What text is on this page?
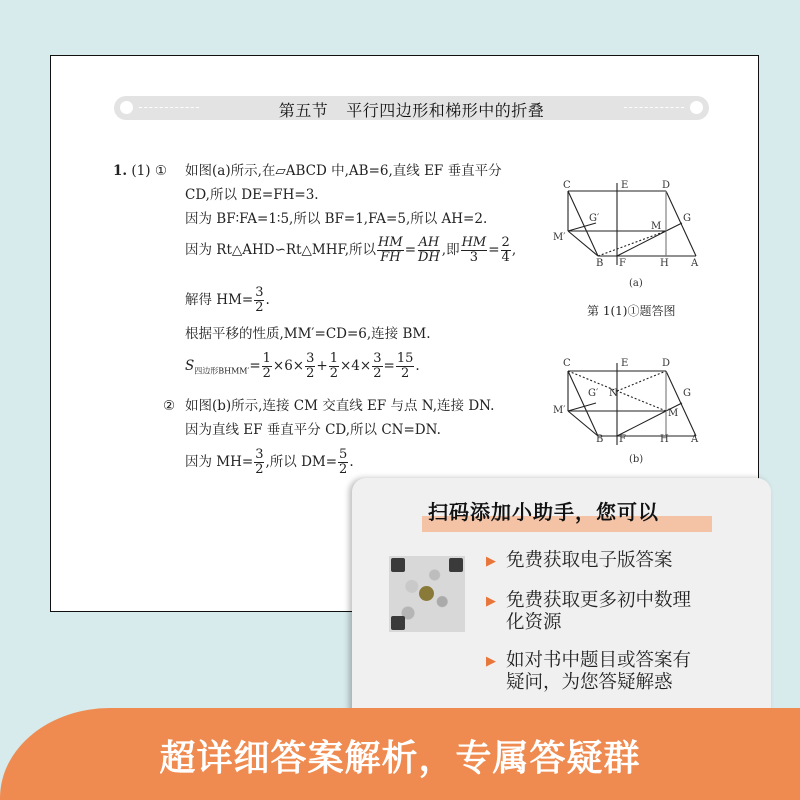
第五节 平行四边形和梯形中的折叠
1. (1) ① 如图(a)所示,在▱ABCD 中,AB=6,直线 EF 垂直平分
CD,所以 DE=FH=3.
因为 BF∶FA=1∶5,所以 BF=1,FA=5,所以 AH=2.
因为 Rt△AHD∽Rt△MHF,所以 $\frac{HM}{FH} = \frac{AH}{DH}$ ,即 $\frac{HM}{3} = \frac{2}{4}$ ,
解得 $HM= \frac{3}{2}$ .
根据平移的性质,MM′=CD=6,连接 BM.
$S_{四边形BHMM'}= \frac{1}{2} \times 6\times \frac{3}{2} + \frac{1}{2} \times 4\times \frac{3}{2} = \frac{15}{2}$ .
② 如图(b)所示,连接 CM 交直线 EF 与点 N,连接 DN.
因为直线 EF 垂直平分 CD,所以 CN=DN.
因为 $MH= \frac{3}{2}$ ,所以 $DM= \frac{5}{2}$ .
C	E	D
G′
M
G
M′
B F	H A
(a)
第 1(1)①题答图
C	E	D
N
G′	G
M′	M
B F	H A
(b)
扫码添加小助手，您可以
▶ 免费获取电子版答案
▶ 免费获取更多初中数理
化资源
▶ 如对书中题目或答案有
疑问，为您答疑解惑
超详细答案解析，专属答疑群
